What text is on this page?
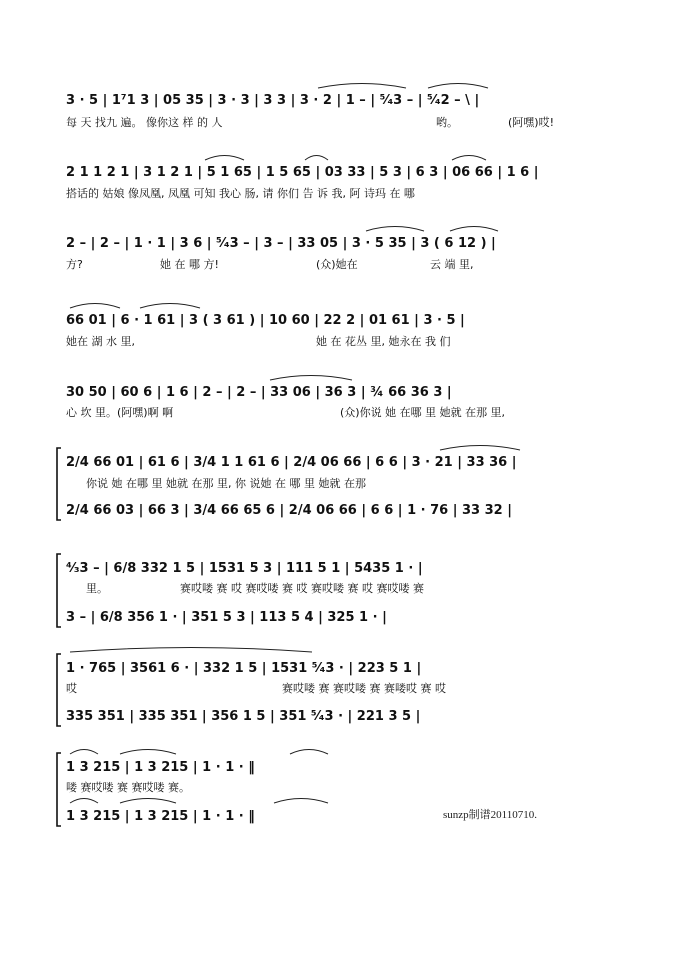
3 · 5 | 1⁷1 3 | 05 35 | 3 · 3 | 3 3 | 3 · 2 | 1 – | ⁵⁄₄3 – | ⁵⁄₄2 – \ |
每 天 找九 遍。 像你这 样 的 人	哟。	(阿嘿)哎!
2 1 1 2 1 | 3 1 2 1 | 5 1 65 | 1 5 65 | 03 33 | 5 3 | 6 3 | 06 66 | 1 6 |
搭话的 姑娘 像凤凰, 凤凰 可知 我心 肠, 请 你们 告 诉 我, 阿 诗玛 在 哪
2 – | 2 – | 1 · 1 | 3 6 | ⁵⁄₄3 – | 3 – | 33 05 | 3 · 5 35 | 3 ( 6 12 ) |
方?	她 在 哪 方!	(众)她在	云 端 里,
66 01 | 6 · 1 61 | 3 ( 3 61 ) | 10 60 | 22 2 | 01 61 | 3 · 5 |
她在 湖 水 里,	她 在 花丛 里, 她永在 我 们
30 50 | 60 6 | 1 6 | 2 – | 2 – | 33 06 | 36 3 | ¾ 66 36 3 |
心 坎 里。(阿嘿)啊 啊	(众)你说 她 在哪 里 她就 在那 里,
2/4 66 01 | 61 6 | 3/4 1 1 61 6 | 2/4 06 66 | 6 6 | 3 · 21 | 33 36 |
你说 她 在哪 里 她就 在那 里, 你 说她 在 哪 里 她就 在那
2/4 66 03 | 66 3 | 3/4 66 65 6 | 2/4 06 66 | 6 6 | 1 · 76 | 33 32 |
⁴⁄₃3 – | 6/8 332 1 5 | 1531 5 3 | 111 5 1 | 5435 1 · |
里。	赛哎喽 赛 哎 赛哎喽 赛 哎 赛哎喽 赛 哎 赛哎喽 赛
3 – | 6/8 356 1 · | 351 5 3 | 113 5 4 | 325 1 · |
1 · 765 | 3561 6 · | 332 1 5 | 1531 ⁵⁄₄3 · | 223 5 1 |
哎	赛哎喽 赛 赛哎喽 赛 赛喽哎 赛 哎
335 351 | 335 351 | 356 1 5 | 351 ⁵⁄₄3 · | 221 3 5 |
1 3 215 | 1 3 215 | 1 · 1 · ‖
喽 赛哎喽 赛 赛哎喽 赛。
1 3 215 | 1 3 215 | 1 · 1 · ‖	sunzp制谱20110710.
